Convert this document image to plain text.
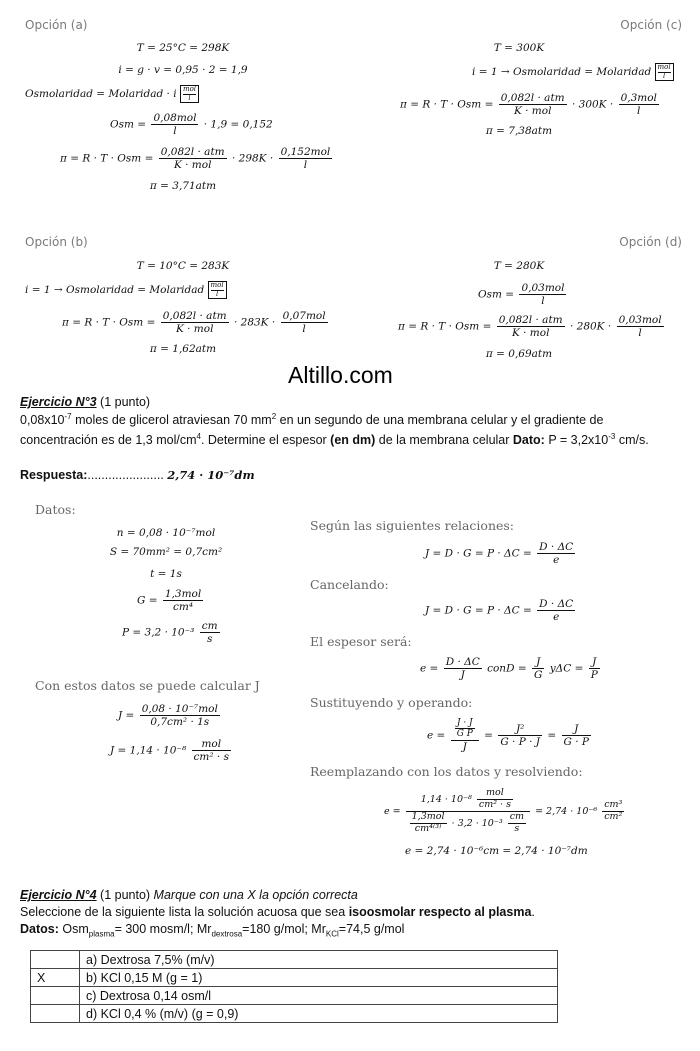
Opción (a)
T = 25°C = 298K
i = g · v = 0,95 · 2 = 1,9
Osmolaridad = Molaridad · i mol
l
Osm = $\frac{\text{0,08mol}}{l} \cdot 1,9 = 0,152$
π = R · T · Osm = $\frac{\text{0,082l · atm}}{\text{K · mol}} \cdot 298K \cdot \frac{\text{0,152mol}}{l}$
π = 3,71atm
Opción (c)
T = 300K
i = 1 → Osmolaridad = Molaridad mol
l
π = R · T · Osm = $\frac{\text{0,082l · atm}}{\text{K · mol}} \cdot 300K \cdot \frac{\text{0,3mol}}{l}$
π = 7,38atm
Opción (b)
T = 10°C = 283K
i = 1 → Osmolaridad = Molaridad mol
l
π = R · T · Osm = $\frac{\text{0,082l · atm}}{\text{K · mol}} \cdot 283K \cdot \frac{\text{0,07mol}}{l}$
π = 1,62atm
Opción (d)
T = 280K
Osm = $\frac{\text{0,03mol}}{l}$
π = R · T · Osm = $\frac{\text{0,082l · atm}}{\text{K · mol}} \cdot 280K \cdot \frac{\text{0,03mol}}{l}$
π = 0,69atm
Altillo.com
Ejercicio N°3 (1 punto)
$0,08x10^{-7}$ moles de glicerol atraviesan 70 $mm^2$ en un segundo de una membrana celular y el gradiente de
concentración es de 1,3 mol/$cm^4$. Determine el espesor (en dm) de la membrana celular Dato: $P = 3,2x10^{-3}$ cm/s.
Respuesta:...................... 2,74 · 10⁻⁷dm
Datos:
n = 0,08 · 10⁻⁷mol
S = 70mm² = 0,7cm²
t = 1s
$G = \frac{\text{1,3mol}}{\text{cm⁴}}$
$P = 3,2 \cdot 10^{-3} \frac{cm}{s}$
Con estos datos se puede calcular J
$J = \frac{\text{0,08 · 10⁻⁷mol}}{\text{0,7cm² · 1s}}$
$J = 1,14 \cdot 10^{-8} \frac{\text{mol}}{\text{cm² · s}}$
Según las siguientes relaciones:
$J = D \cdot G = P \cdot \Delta C = \frac{D \cdot \Delta C}{e}$
Cancelando:
$J = D \cdot G = P \cdot \Delta C = \frac{D \cdot \Delta C}{e}$
El espesor será:
$e = \frac{D \cdot \Delta C}{J}$ conD = $\frac{J}{G}$ $y\Delta C = \frac{J}{P}$
Sustituyendo y operando:
$e = \frac{\frac{J \cdot J}{\text{G P}}}{J} = \frac{\text{J²}}{G \cdot P \cdot J} = \frac{J}{G \cdot P}$
Reemplazando con los datos y resolviendo:
$e = \frac{1,14 \cdot 10^{-8} \frac{\text{mol}}{\text{cm² · s}}}{\frac{\text{1,3mol}}{\text{cm⁴⁽³⁾}} \cdot 3,2 \cdot 10^{-3} \frac{cm}{s}} = 2,74 \cdot 10^{-6} \frac{\text{cm³}}{\text{cm²}}$
e = 2,74 · 10⁻⁶cm = 2,74 · 10⁻⁷dm
Ejercicio N°4 (1 punto) Marque con una X la opción correcta
Seleccione de la siguiente lista la solución acuosa que sea isoosmolar respecto al plasma.
Datos: Osm$_{plasma}$= 300 mosm/l; $Mr_{dextrosa}=180$ g/mol; $Mr_{KCl}=74,5$ g/mol
	a) Dextrosa 7,5% (m/v)
X	b) KCl 0,15 M (g = 1)
	c) Dextrosa 0,14 osm/l
	d) KCl 0,4 % (m/v) (g = 0,9)
